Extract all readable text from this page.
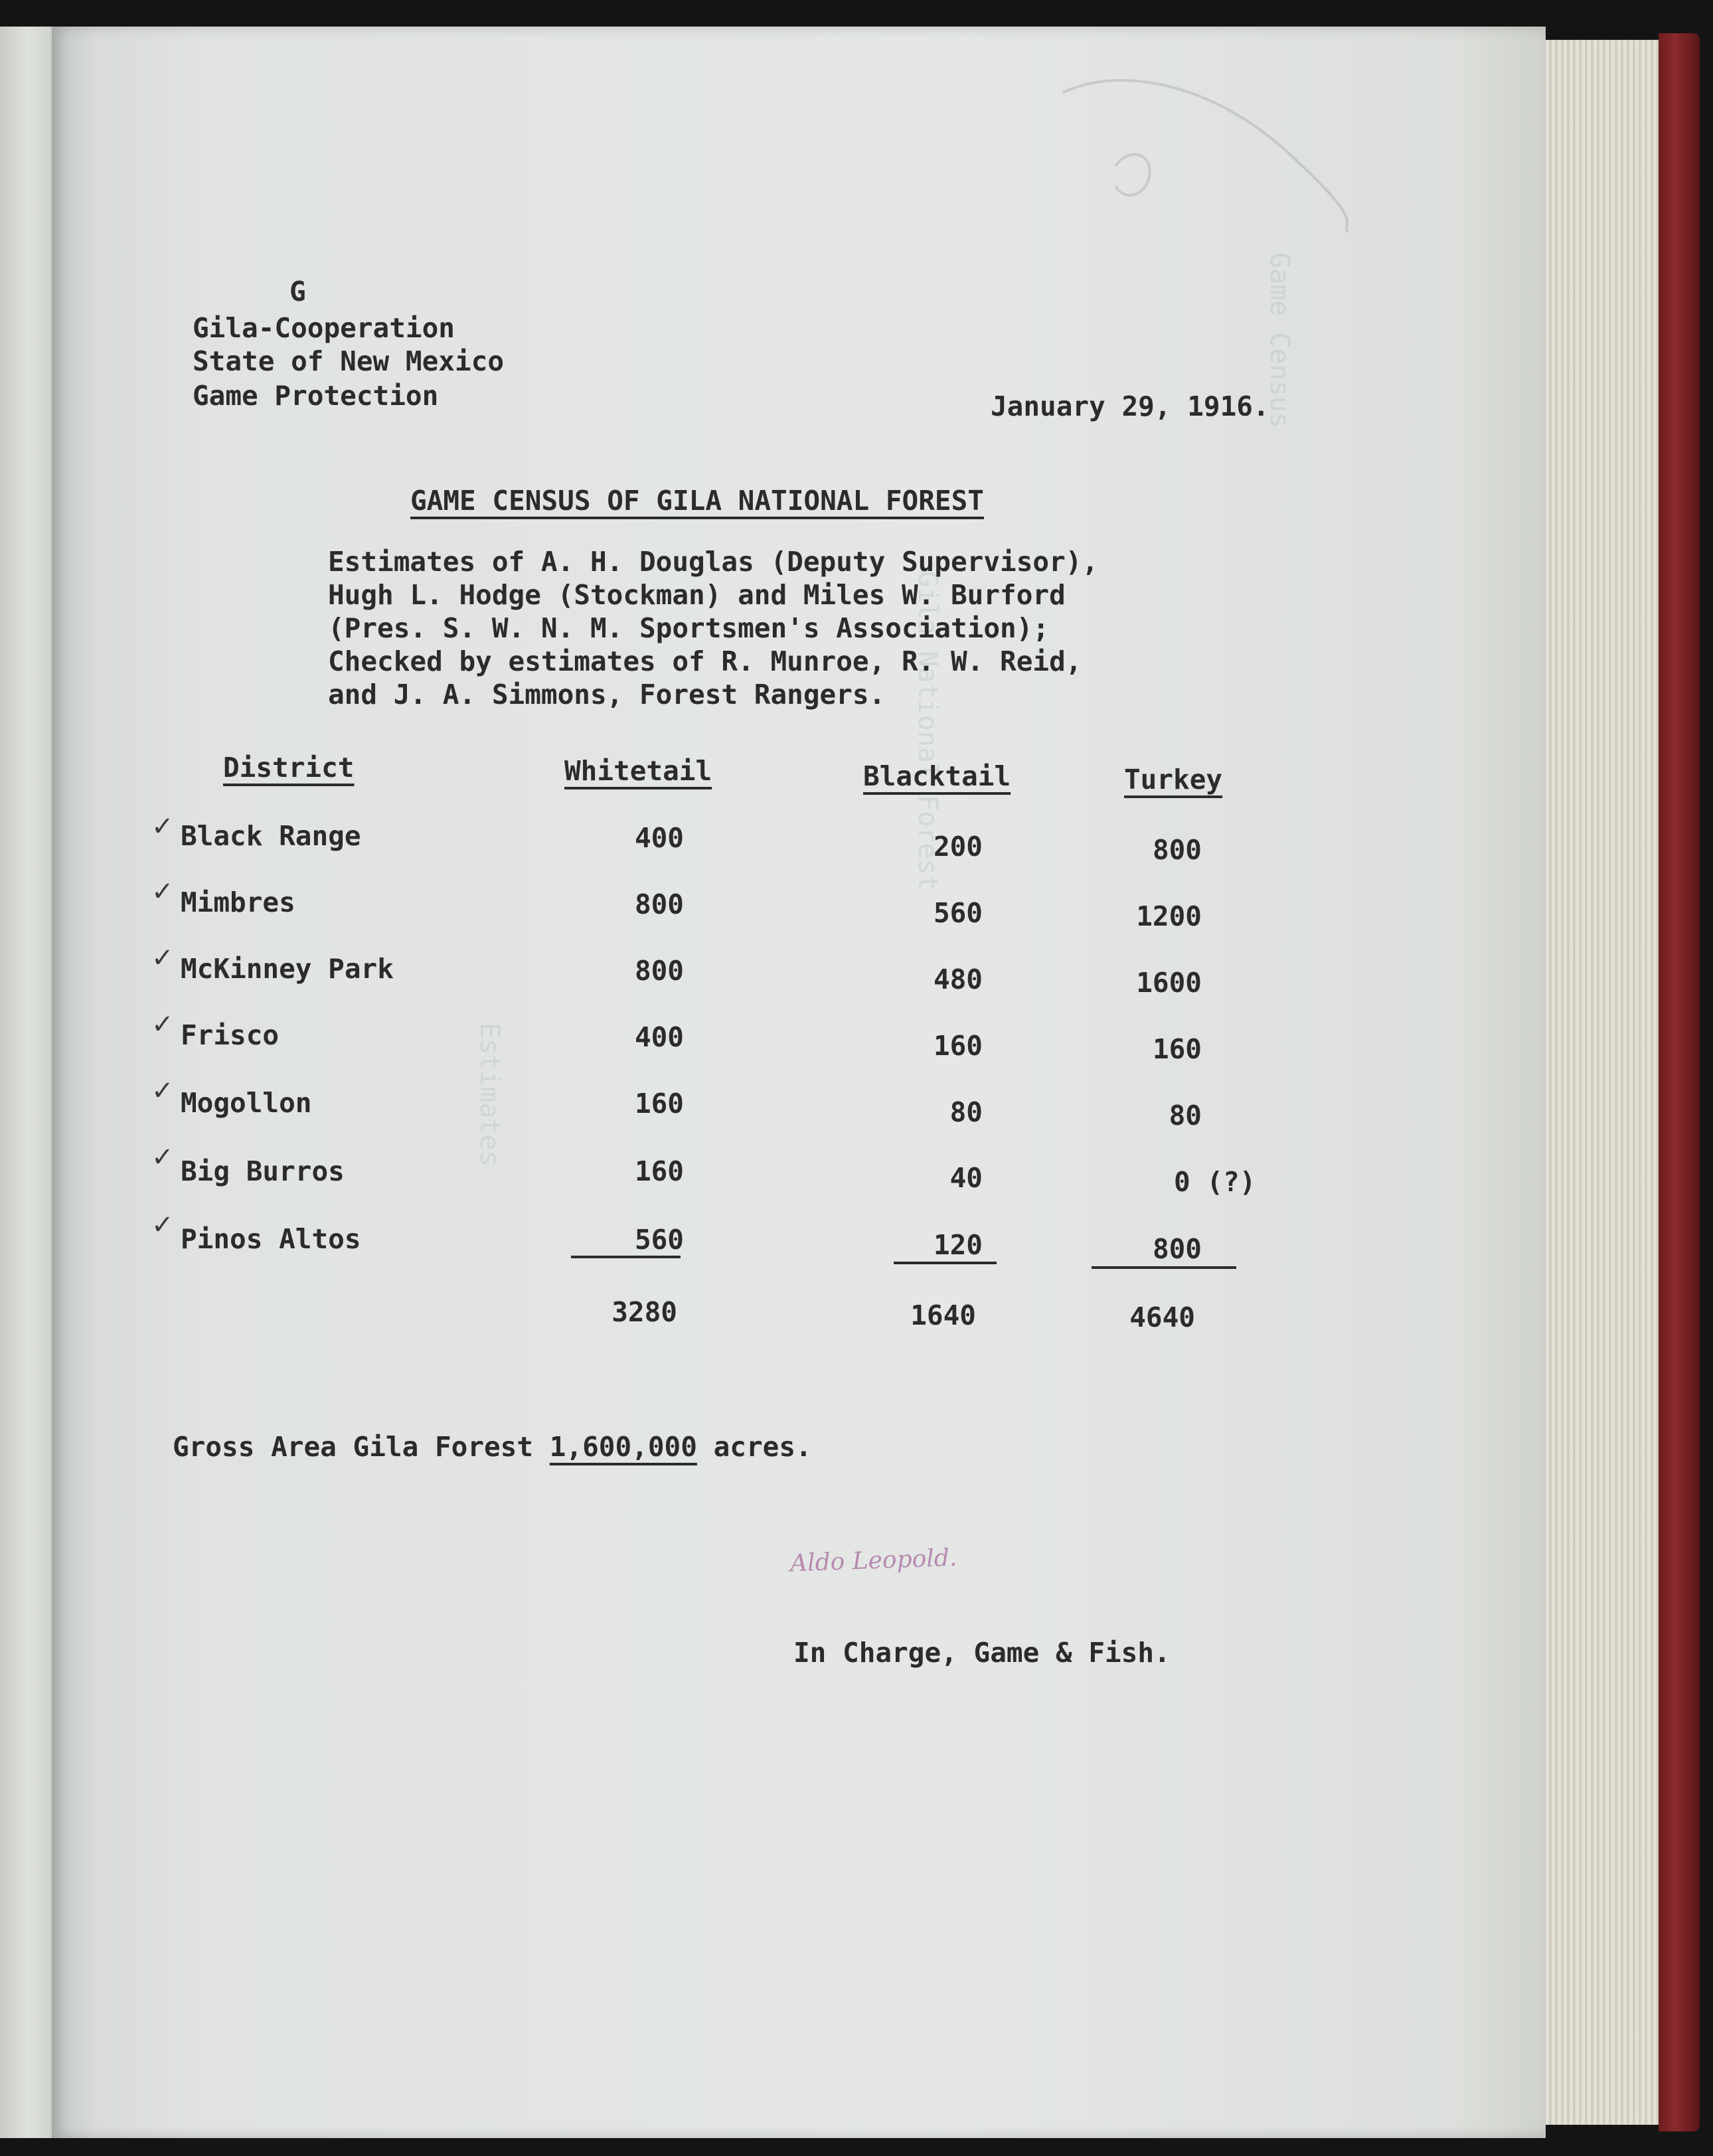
Game Census
Gila National Forest
Estimates
G
Gila-Cooperation
State of New Mexico
Game Protection	January 29, 1916.
GAME CENSUS OF GILA NATIONAL FOREST
Estimates of A. H. Douglas (Deputy Supervisor),
Hugh L. Hodge (Stockman) and Miles W. Burford
(Pres. S. W. N. M. Sportsmen's Association);
Checked by estimates of R. Munroe, R. W. Reid,
and J. A. Simmons, Forest Rangers.
District	Whitetail	Blacktail	Turkey
✓ Black Range	400	200	800
✓ Mimbres	800	560	1200
✓ McKinney Park	800	480	1600
✓ Frisco	400	160	160
✓ Mogollon	160	80	80
✓ Big Burros	160	40	0 (?)
✓ Pinos Altos	560	120	800
3280	1640	4640
Gross Area Gila Forest 1,600,000 acres.
Aldo Leopold.
In Charge, Game & Fish.
